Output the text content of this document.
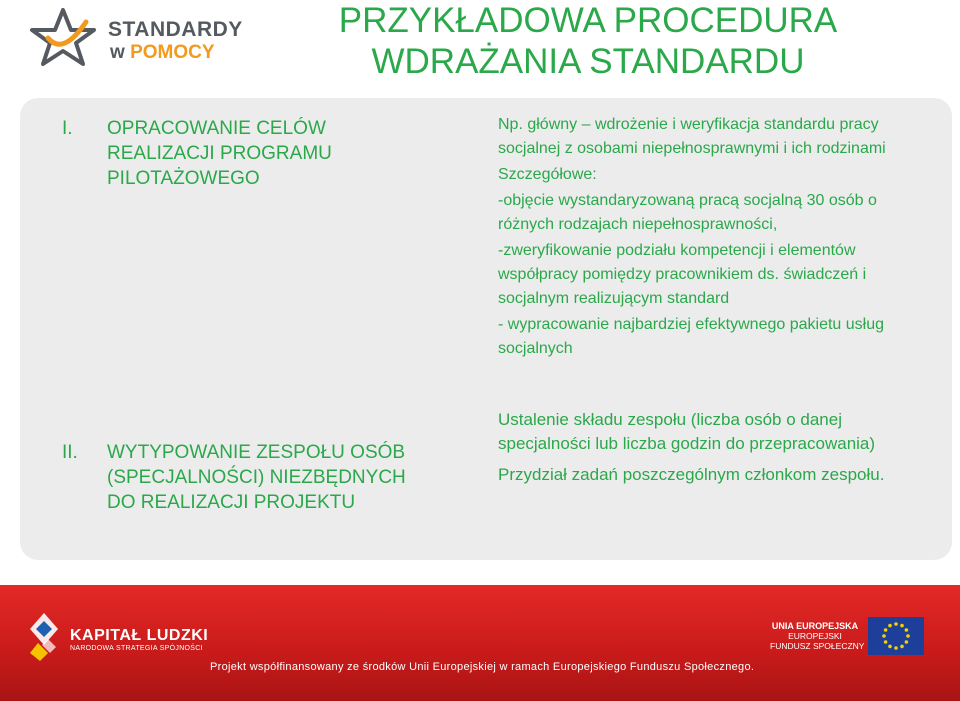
STANDARDY
w POMOCY
PRZYKŁADOWA PROCEDURA
WDRAŻANIA STANDARDU
I. OPRACOWANIE CELÓW
REALIZACJI PROGRAMU
PILOTAŻOWEGO

Np. główny – wdrożenie i weryfikacja standardu pracy socjalnej z osobami niepełnosprawnymi i ich rodzinami

Szczegółowe:

-objęcie wystandaryzowaną pracą socjalną 30 osób o różnych rodzajach niepełnosprawności,

-zweryfikowanie podziału kompetencji i elementów współpracy pomiędzy pracownikiem ds. świadczeń i socjalnym realizującym standard

- wypracowanie najbardziej efektywnego pakietu usług socjalnych

II. WYTYPOWANIE ZESPOŁU OSÓB
(SPECJALNOŚCI) NIEZBĘDNYCH
DO REALIZACJI PROJEKTU

Ustalenie składu zespołu (liczba osób o danej specjalności lub liczba godzin do przepracowania)

Przydział zadań poszczególnym członkom zespołu.

KAPITAŁ LUDZKI
NARODOWA STRATEGIA SPÓJNOŚCI
Projekt współfinansowany ze środków Unii Europejskiej w ramach Europejskiego Funduszu Społecznego.
UNIA EUROPEJSKA
EUROPEJSKI
FUNDUSZ SPOŁECZNY
